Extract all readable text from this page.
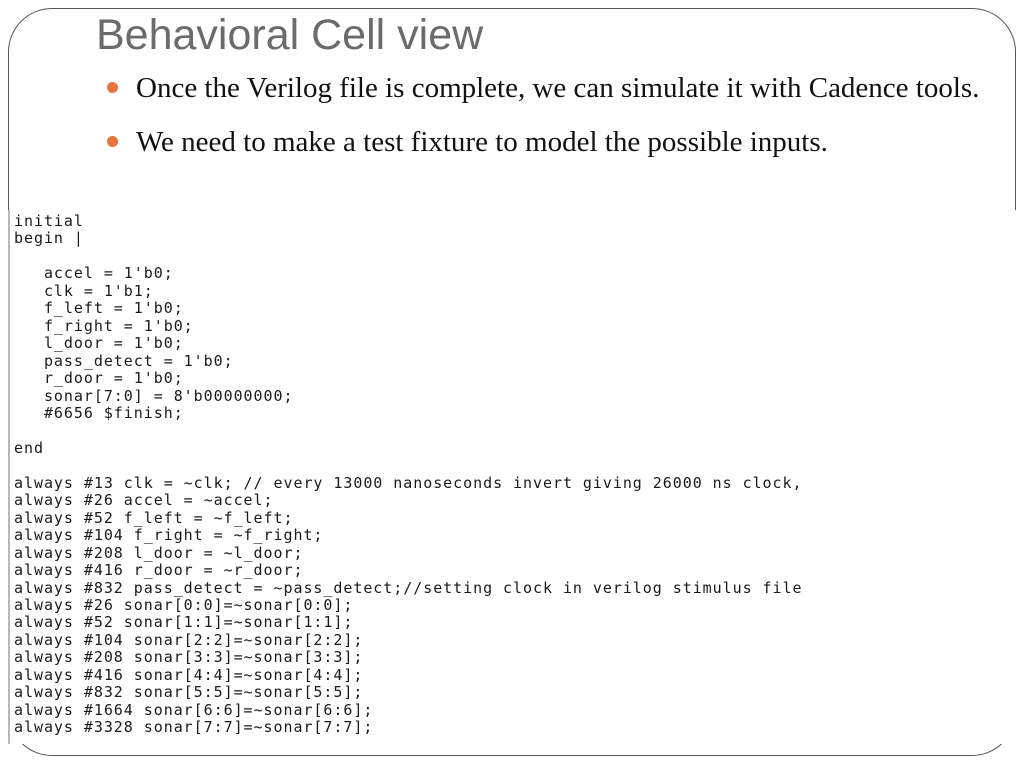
Behavioral Cell view
Once the Verilog file is complete, we can simulate it with Cadence tools.
We need to make a test fixture to model the possible inputs.
initial
begin |

accel = 1'b0;
clk = 1'b1;
f_left = 1'b0;
f_right = 1'b0;
l_door = 1'b0;
pass_detect = 1'b0;
r_door = 1'b0;
sonar[7:0] = 8'b00000000;
#6656 $finish;

end

always #13 clk = ~clk; // every 13000 nanoseconds invert giving 26000 ns clock,
always #26 accel = ~accel;
always #52 f_left = ~f_left;
always #104 f_right = ~f_right;
always #208 l_door = ~l_door;
always #416 r_door = ~r_door;
always #832 pass_detect = ~pass_detect;//setting clock in verilog stimulus file
always #26 sonar[0:0]=~sonar[0:0];
always #52 sonar[1:1]=~sonar[1:1];
always #104 sonar[2:2]=~sonar[2:2];
always #208 sonar[3:3]=~sonar[3:3];
always #416 sonar[4:4]=~sonar[4:4];
always #832 sonar[5:5]=~sonar[5:5];
always #1664 sonar[6:6]=~sonar[6:6];
always #3328 sonar[7:7]=~sonar[7:7];
